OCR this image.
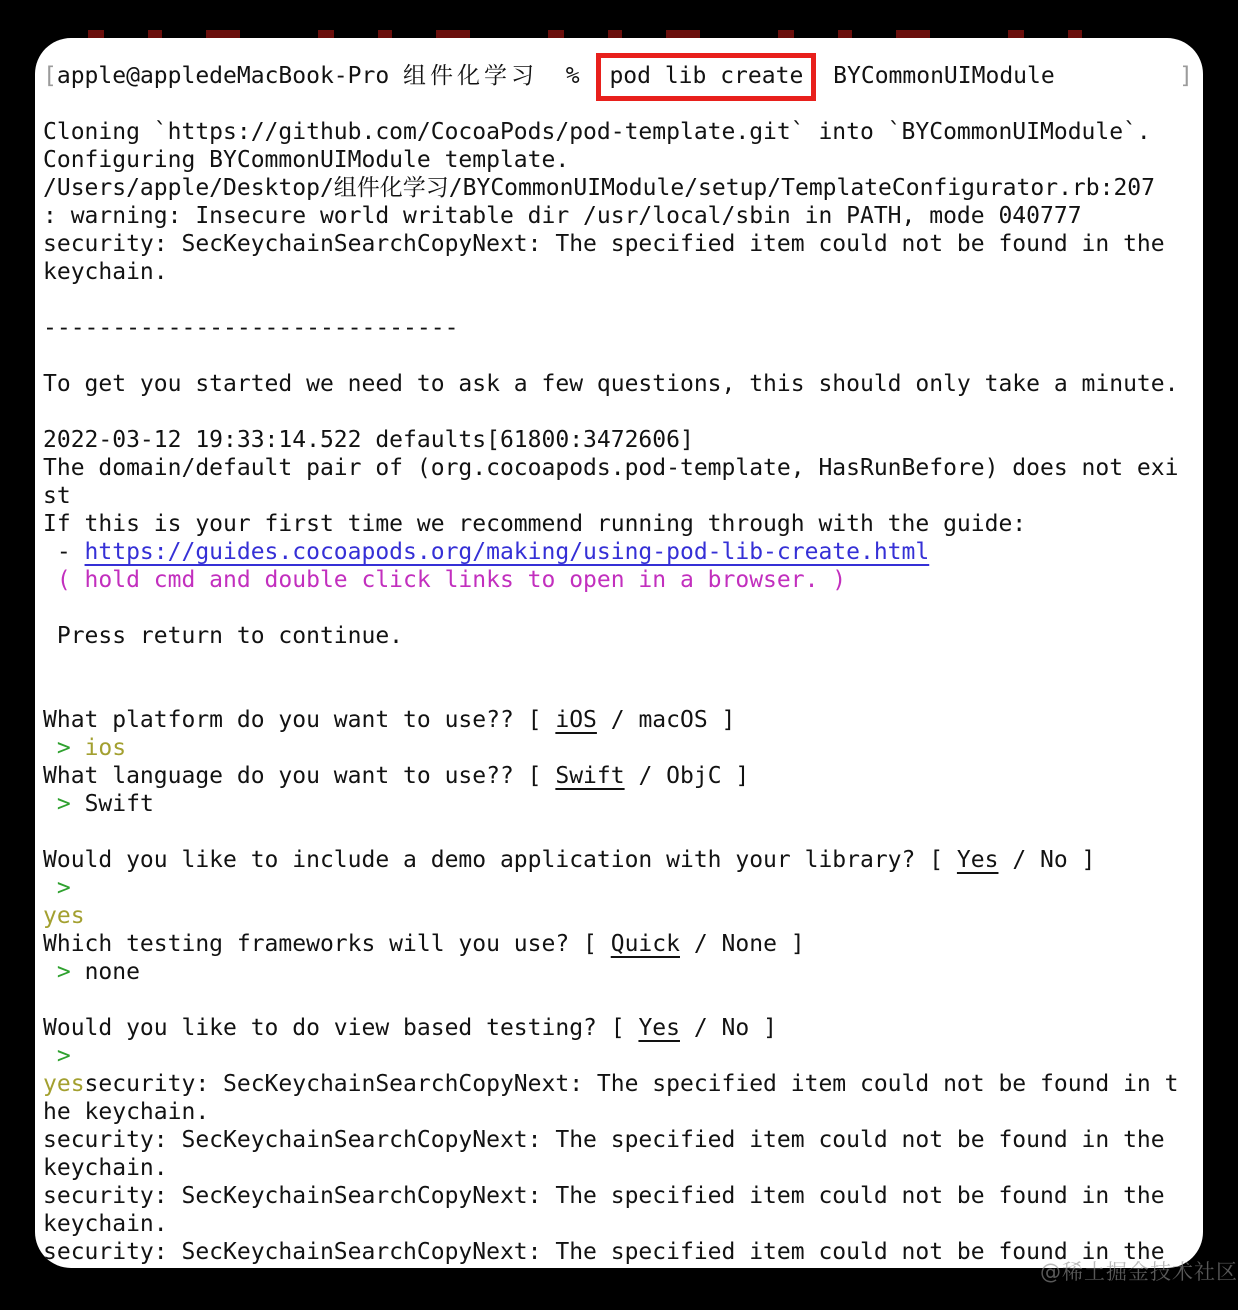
[apple@appledeMacBook-Pro 组件化学习  % pod lib create BYCommonUIModule	]

Cloning `https://github.com/CocoaPods/pod-template.git` into `BYCommonUIModule`.
Configuring BYCommonUIModule template.
/Users/apple/Desktop/组件化学习/BYCommonUIModule/setup/TemplateConfigurator.rb:207
: warning: Insecure world writable dir /usr/local/sbin in PATH, mode 040777
security: SecKeychainSearchCopyNext: The specified item could not be found in the
keychain.

------------------------------

To get you started we need to ask a few questions, this should only take a minute.

2022-03-12 19:33:14.522 defaults[61800:3472606]
The domain/default pair of (org.cocoapods.pod-template, HasRunBefore) does not exi
st
If this is your first time we recommend running through with the guide:
- https://guides.cocoapods.org/making/using-pod-lib-create.html
( hold cmd and double click links to open in a browser. )

Press return to continue.

What platform do you want to use?? [ iOS / macOS ]
> ios
What language do you want to use?? [ Swift / ObjC ]
> Swift

Would you like to include a demo application with your library? [ Yes / No ]
>
yes
Which testing frameworks will you use? [ Quick / None ]
> none

Would you like to do view based testing? [ Yes / No ]
>
yessecurity: SecKeychainSearchCopyNext: The specified item could not be found in t
he keychain.
security: SecKeychainSearchCopyNext: The specified item could not be found in the
keychain.
security: SecKeychainSearchCopyNext: The specified item could not be found in the
keychain.
security: SecKeychainSearchCopyNext: The specified item could not be found in the
@稀土掘金技术社区
